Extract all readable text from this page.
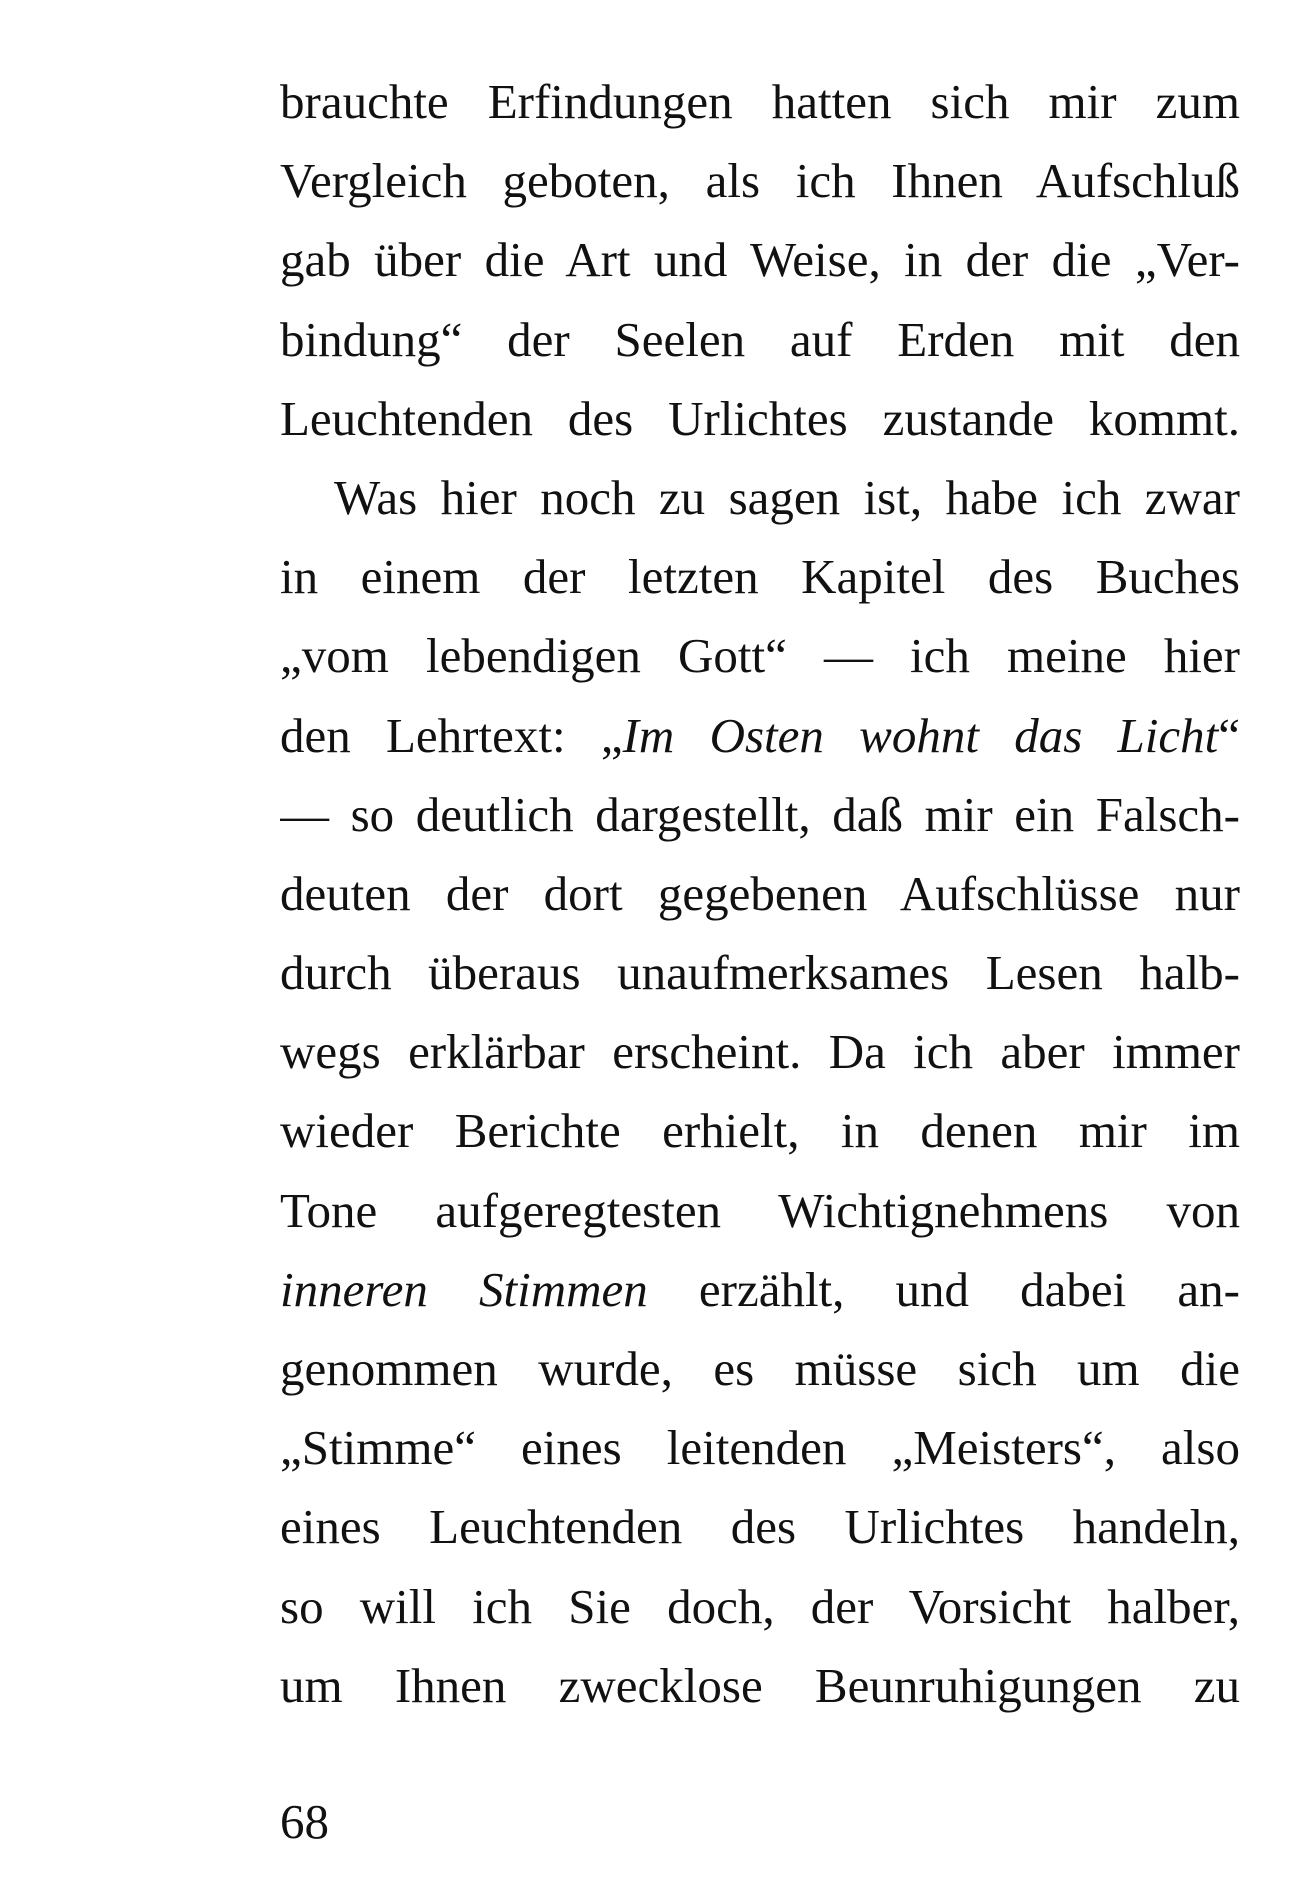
brauchte Erfindungen hatten sich mir zum
Vergleich geboten, als ich Ihnen Aufschluß
gab über die Art und Weise, in der die „Ver-
bindung“ der Seelen auf Erden mit den
Leuchtenden des Urlichtes zustande kommt.
Was hier noch zu sagen ist, habe ich zwar
in einem der letzten Kapitel des Buches
„vom lebendigen Gott“ — ich meine hier
den Lehrtext: „Im Osten wohnt das Licht“
— so deutlich dargestellt, daß mir ein Falsch-
deuten der dort gegebenen Aufschlüsse nur
durch überaus unaufmerksames Lesen halb-
wegs erklärbar erscheint. Da ich aber immer
wieder Berichte erhielt, in denen mir im
Tone aufgeregtesten Wichtignehmens von
inneren Stimmen erzählt, und dabei an-
genommen wurde, es müsse sich um die
„Stimme“ eines leitenden „Meisters“, also
eines Leuchtenden des Urlichtes handeln,
so will ich Sie doch, der Vorsicht halber,
um Ihnen zwecklose Beunruhigungen zu
68
